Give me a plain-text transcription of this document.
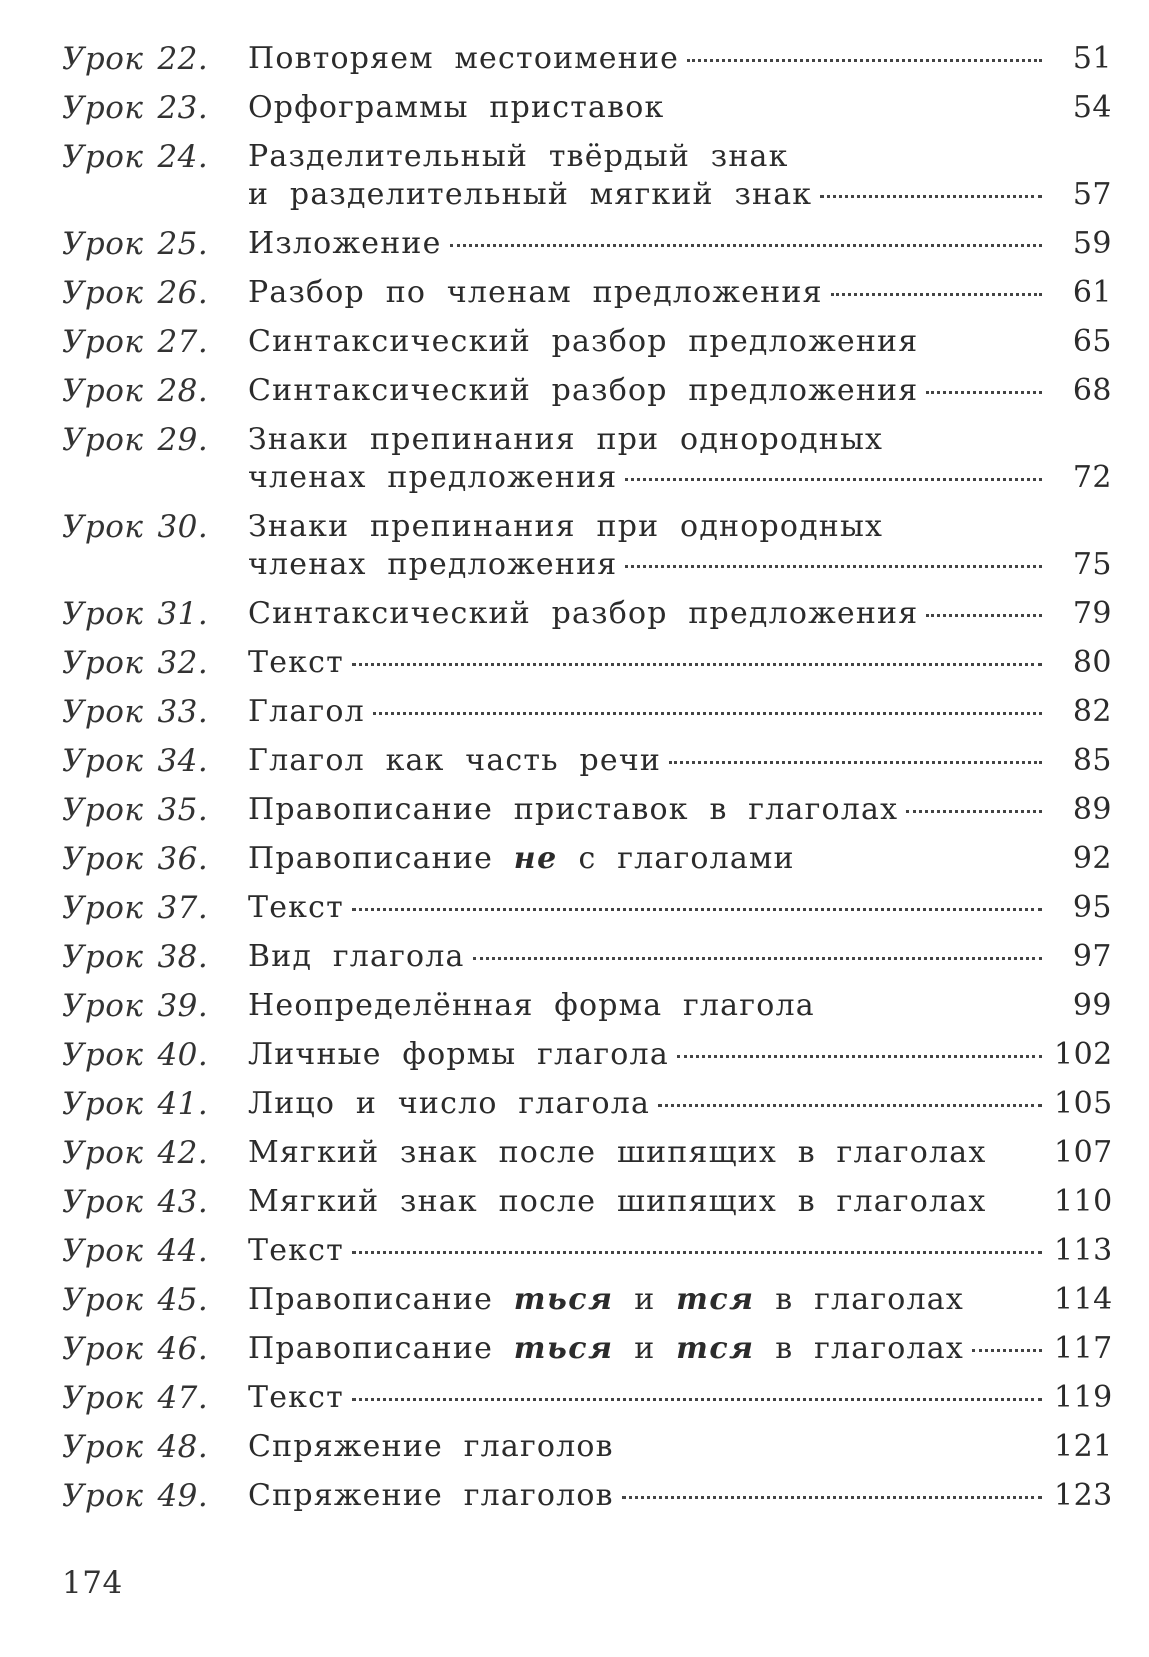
Урок 22.	Повторяем местоимение	51
Урок 23.	Орфограммы приставок	54
Урок 24.	Разделительный твёрдый знак
и разделительный мягкий знак	57
Урок 25.	Изложение	59
Урок 26.	Разбор по членам предложения	61
Урок 27.	Синтаксический разбор предложения	65
Урок 28.	Синтаксический разбор предложения	68
Урок 29.	Знаки препинания при однородных
членах предложения	72
Урок 30.	Знаки препинания при однородных
членах предложения	75
Урок 31.	Синтаксический разбор предложения	79
Урок 32.	Текст	80
Урок 33.	Глагол	82
Урок 34.	Глагол как часть речи	85
Урок 35.	Правописание приставок в глаголах	89
Урок 36.	Правописание не с глаголами	92
Урок 37.	Текст	95
Урок 38.	Вид глагола	97
Урок 39.	Неопределённая форма глагола	99
Урок 40.	Личные формы глагола	102
Урок 41.	Лицо и число глагола	105
Урок 42.	Мягкий знак после шипящих в глаголах 107
Урок 43.	Мягкий знак после шипящих в глаголах 110
Урок 44.	Текст	113
Урок 45.	Правописание ться и тся в глаголах	114
Урок 46.	Правописание ться и тся в глаголах	117
Урок 47.	Текст	119
Урок 48.	Спряжение глаголов	121
Урок 49.	Спряжение глаголов	123
174
